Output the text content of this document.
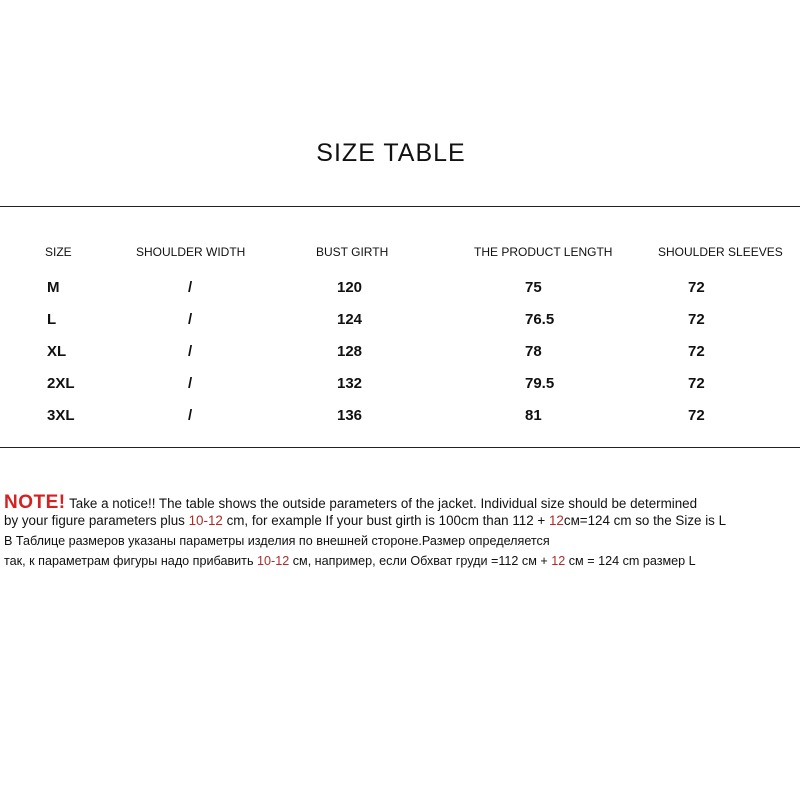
SIZE TABLE
SIZE	SHOULDER WIDTH	BUST GIRTH	THE PRODUCT LENGTH	SHOULDER SLEEVES
M	/	120	75	72
L	/	124	76.5	72
XL	/	128	78	72
2XL	/	132	79.5	72
3XL	/	136	81	72
NOTE! Take a notice!! The table shows the outside parameters of the jacket. Individual size should be determined
by your figure parameters plus 10-12 cm, for example If your bust girth is 100cm than 112 + 12см=124 cm so the Size is L
В Таблице размеров указаны параметры изделия по внешней стороне.Размер определяется
так, к параметрам фигуры надо прибавить 10-12 см, например, если Обхват груди =112 см + 12 см = 124 cm размер L
